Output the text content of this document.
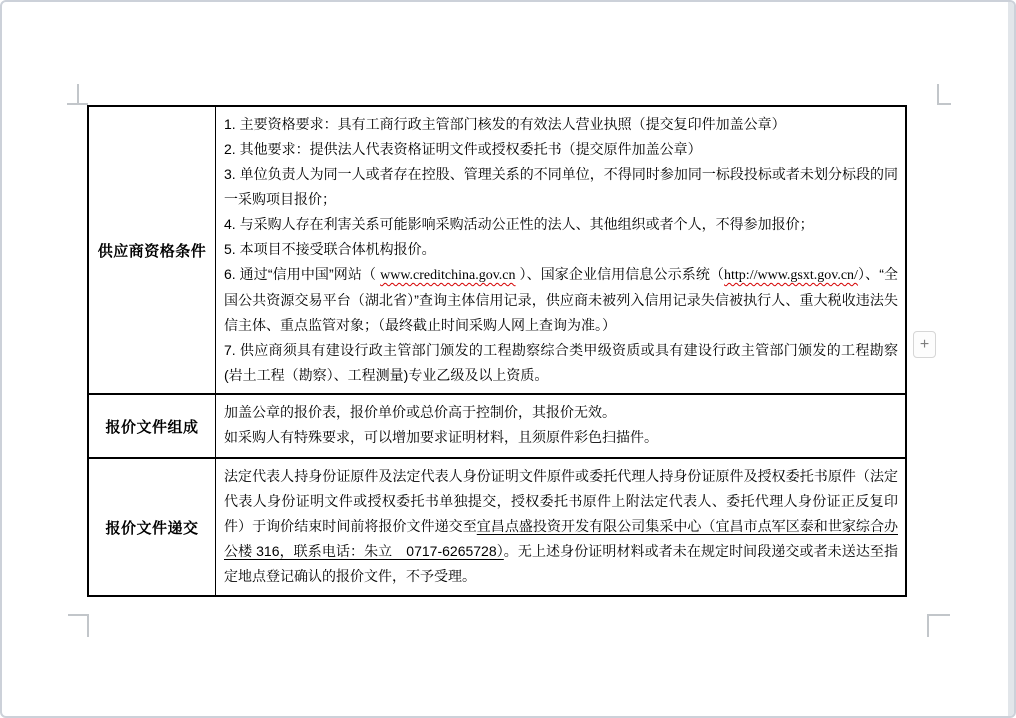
供应商资格条件

1. 主要资格要求：具有工商行政主管部门核发的有效法人营业执照（提交复印件加盖公章）

2. 其他要求：提供法人代表资格证明文件或授权委托书（提交原件加盖公章）

3. 单位负责人为同一人或者存在控股、管理关系的不同单位，不得同时参加同一标段投标或者未划分标段的同一采购项目报价；

4. 与采购人存在利害关系可能影响采购活动公正性的法人、其他组织或者个人，不得参加报价；

5. 本项目不接受联合体机构报价。

6. 通过“信用中国”网站（ www.creditchina.gov.cn ）、国家企业信用信息公示系统（http://www.gsxt.gov.cn/）、“全国公共资源交易平台（湖北省）”查询主体信用记录，供应商未被列入信用记录失信被执行人、重大税收违法失信主体、重点监管对象；（最终截止时间采购人网上查询为准。）

7. 供应商须具有建设行政主管部门颁发的工程勘察综合类甲级资质或具有建设行政主管部门颁发的工程勘察(岩土工程（勘察）、工程测量)专业乙级及以上资质。

报价文件组成

加盖公章的报价表，报价单价或总价高于控制价，其报价无效。

如采购人有特殊要求，可以增加要求证明材料，且须原件彩色扫描件。

报价文件递交

法定代表人持身份证原件及法定代表人身份证明文件原件或委托代理人持身份证原件及授权委托书原件（法定代表人身份证明文件或授权委托书单独提交，授权委托书原件上附法定代表人、委托代理人身份证正反复印件）于询价结束时间前将报价文件递交至宜昌点盛投资开发有限公司集采中心（宜昌市点军区泰和世家综合办公楼 316，联系电话：朱立　0717-6265728）。无上述身份证明材料或者未在规定时间段递交或者未送达至指定地点登记确认的报价文件，不予受理。

+
